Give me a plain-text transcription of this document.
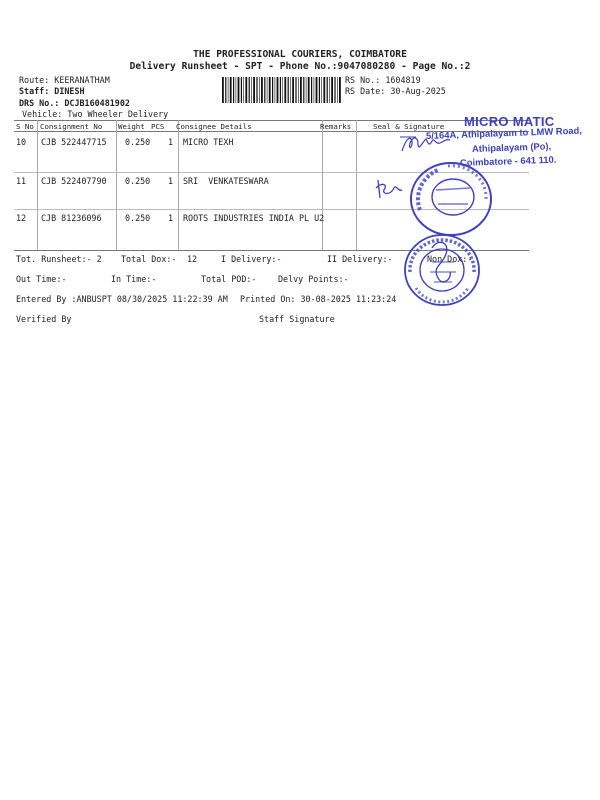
THE PROFESSIONAL COURIERS, COIMBATORE
Delivery Runsheet - SPT - Phone No.:9047080280 - Page No.:2
Route: KEERANATHAM
Staff: DINESH
DRS No.: DCJB160481902
Vehicle: Two Wheeler Delivery
RS No.: 1604819
RS Date: 30-Aug-2025
S No Consignment No Weight PCS Consignee Details	Remarks	Seal & Signature
10 CJB 522447715 0.250 1 MICRO TEXH
11 CJB 522407790 0.250 1 SRI  VENKATESWARA
12 CJB 81236096	0.250 1 ROOTS INDUSTRIES INDIA PL U2
Tot. Runsheet:- 2 Total Dox:- 12	I Delivery:-	II Delivery:-	Non Dox:-
Out Time:-	In Time:-	Total POD:-	Delvy Points:-
Entered By :ANBUSPT 08/30/2025 11:22:39 AM Printed On: 30-08-2025 11:23:24
Verified By	Staff Signature
MICRO MATIC
5/164A, Athipalayam to LMW Road,
Athipalayam (Po),
Coimbatore - 641 110.
